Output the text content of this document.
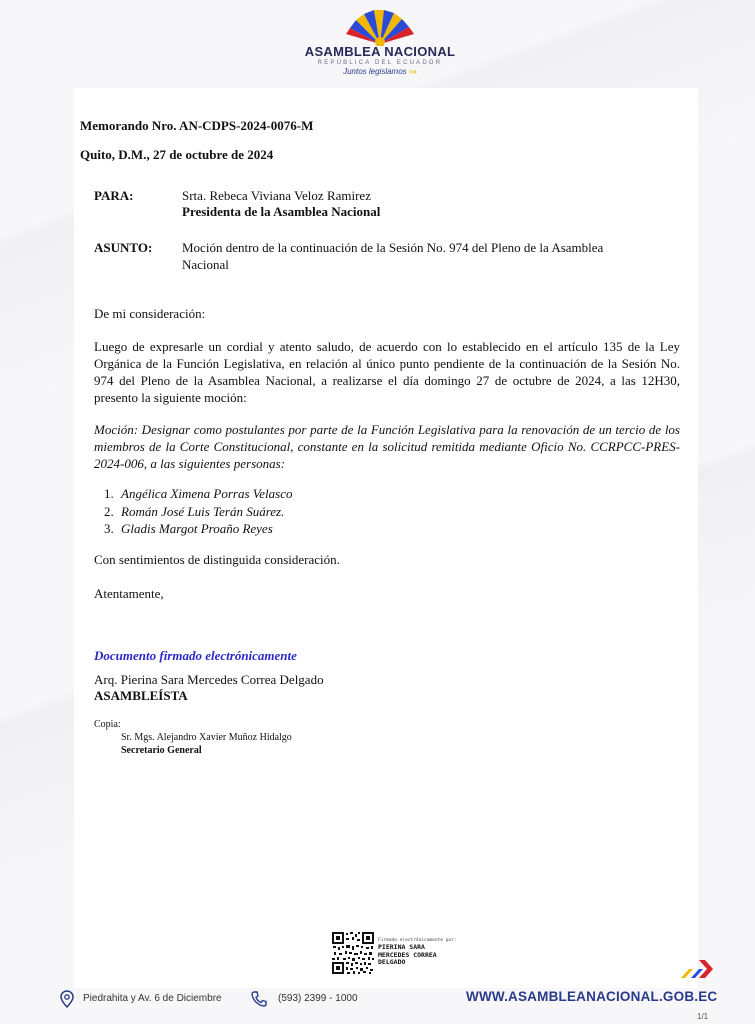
ASAMBLEA NACIONAL
REPÚBLICA DEL ECUADOR
Juntos legislamos ›››
Memorando Nro. AN-CDPS-2024-0076-M
Quito, D.M., 27 de octubre de 2024
PARA:	Srta. Rebeca Viviana Veloz Ramirez
Presidenta de la Asamblea Nacional
ASUNTO: Moción dentro de la continuación de la Sesión No. 974 del Pleno de la Asamblea Nacional
De mi consideración:
Luego de expresarle un cordial y atento saludo, de acuerdo con lo establecido en el artículo 135 de la Ley Orgánica de la Función Legislativa, en relación al único punto pendiente de la continuación de la Sesión No. 974 del Pleno de la Asamblea Nacional, a realizarse el día domingo 27 de octubre de 2024, a las 12H30, presento la siguiente moción:
Moción: Designar como postulantes por parte de la Función Legislativa para la renovación de un tercio de los miembros de la Corte Constitucional, constante en la solicitud remitida mediante Oficio No. CCRPCC-PRES-2024-006, a las siguientes personas:
1. Angélica Ximena Porras Velasco
2. Román José Luis Terán Suárez.
3. Gladis Margot Proaño Reyes
Con sentimientos de distinguida consideración.
Atentamente,
Documento firmado electrónicamente
Arq. Pierina Sara Mercedes Correa Delgado
ASAMBLEÍSTA
Copia:
Sr. Mgs. Alejandro Xavier Muñoz Hidalgo
Secretario General
Firmado electrónicamente por:
PIERINA SARA
MERCEDES CORREA
DELGADO
Piedrahita y Av. 6 de Diciembre	(593) 2399 - 1000	WWW.ASAMBLEANACIONAL.GOB.EC
1/1
